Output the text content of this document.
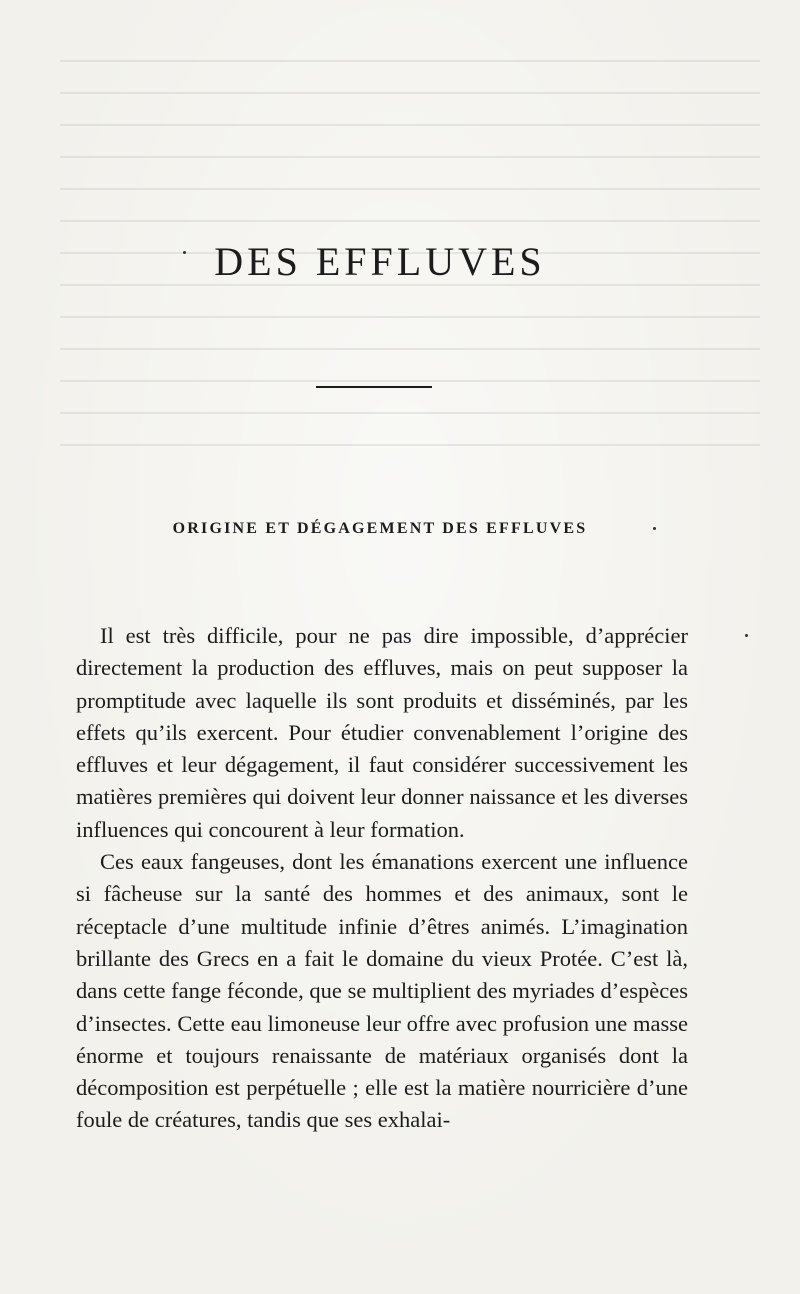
DES EFFLUVES
ORIGINE ET DÉGAGEMENT DES EFFLUVES

Il est très difficile, pour ne pas dire impossible, d’apprécier directement la production des effluves, mais on peut supposer la promptitude avec laquelle ils sont produits et disséminés, par les effets qu’ils exercent. Pour étudier convenablement l’origine des effluves et leur dégagement, il faut considérer successivement les matières premières qui doivent leur donner naissance et les diverses influences qui concourent à leur formation.

Ces eaux fangeuses, dont les émanations exercent une influence si fâcheuse sur la santé des hommes et des animaux, sont le réceptacle d’une multitude infinie d’êtres animés. L’imagination brillante des Grecs en a fait le domaine du vieux Protée. C’est là, dans cette fange féconde, que se multiplient des myriades d’espèces d’insectes. Cette eau limoneuse leur offre avec profusion une masse énorme et toujours renaissante de matériaux organisés dont la décomposition est perpétuelle ; elle est la matière nourricière d’une foule de créatures, tandis que ses exhalai-
